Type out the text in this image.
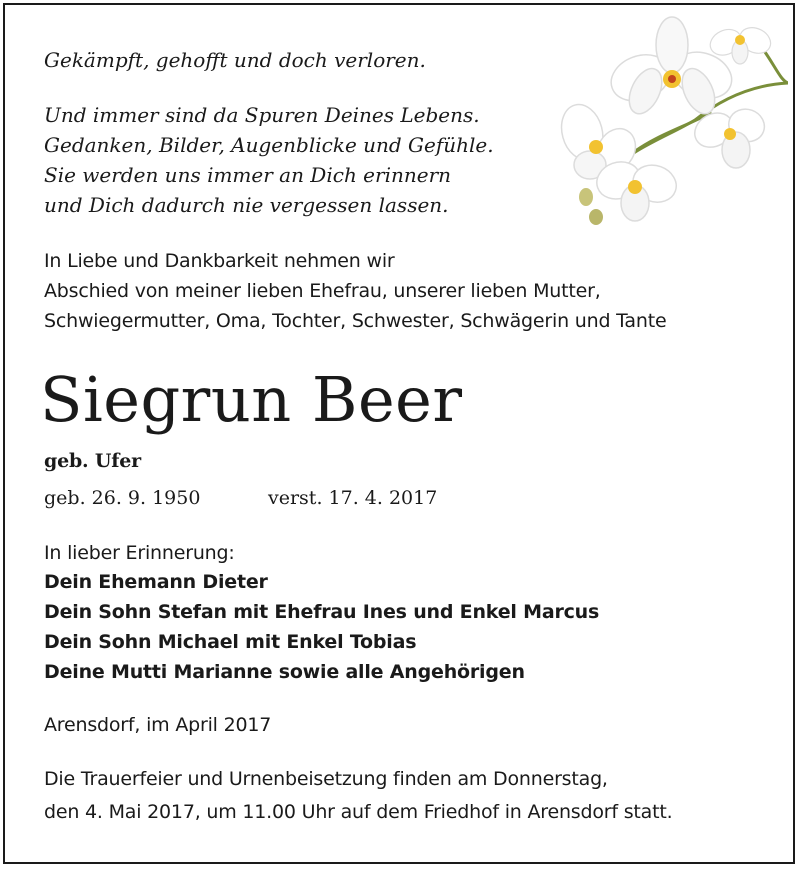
Gekämpft, gehofft und doch verloren.
Und immer sind da Spuren Deines Lebens.
Gedanken, Bilder, Augenblicke und Gefühle.
Sie werden uns immer an Dich erinnern
und Dich dadurch nie vergessen lassen.
In Liebe und Dankbarkeit nehmen wir
Abschied von meiner lieben Ehefrau, unserer lieben Mutter,
Schwiegermutter, Oma, Tochter, Schwester, Schwägerin und Tante
Siegrun Beer
geb. Ufer
geb. 26. 9. 1950	verst. 17. 4. 2017
In lieber Erinnerung:
Dein Ehemann Dieter
Dein Sohn Stefan mit Ehefrau Ines und Enkel Marcus
Dein Sohn Michael mit Enkel Tobias
Deine Mutti Marianne sowie alle Angehörigen
Arensdorf, im April 2017
Die Trauerfeier und Urnenbeisetzung finden am Donnerstag,
den 4. Mai 2017, um 11.00 Uhr auf dem Friedhof in Arensdorf statt.
